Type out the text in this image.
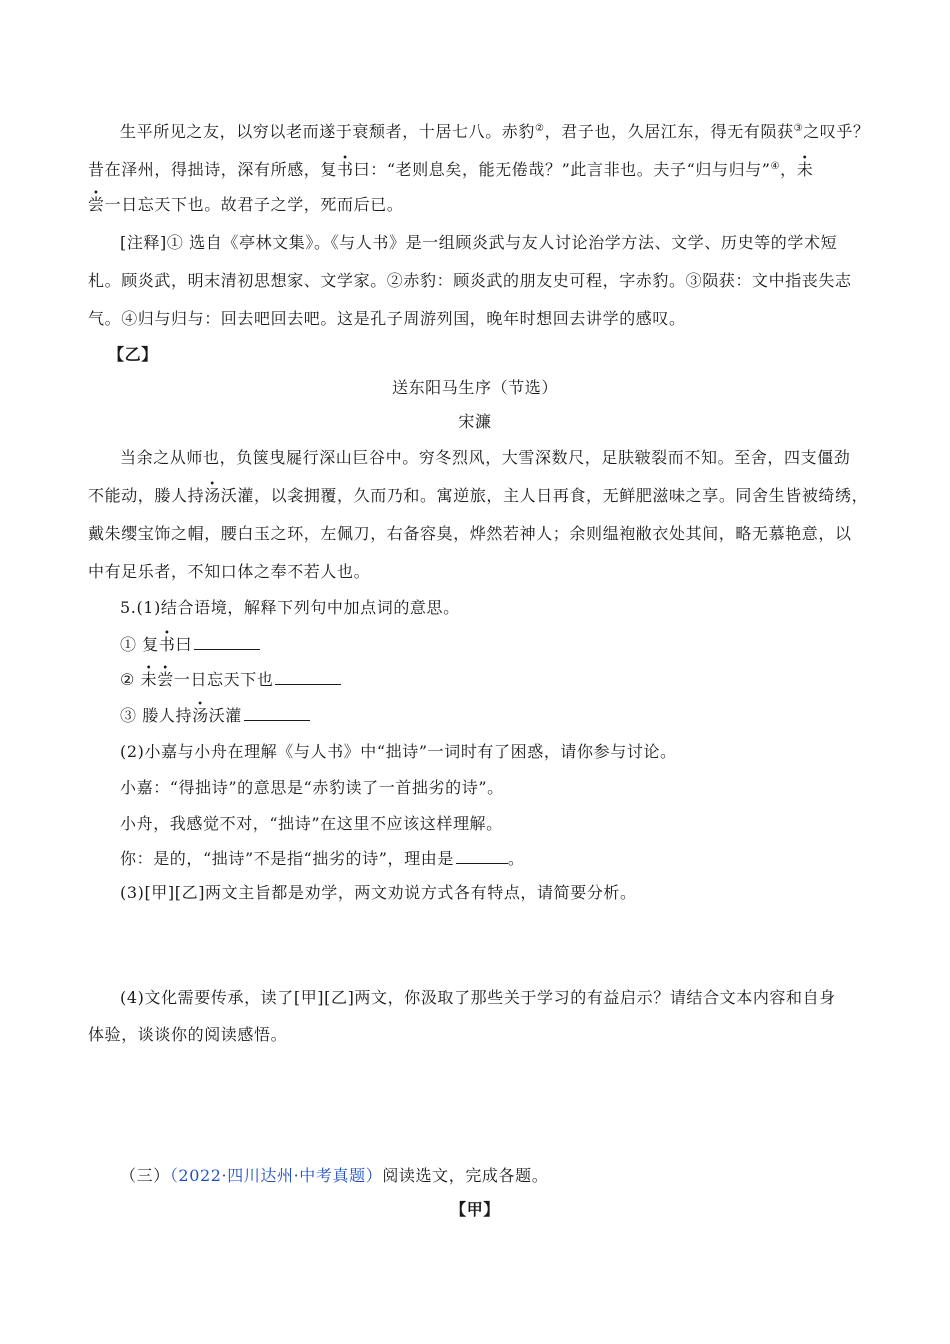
生平所见之友，以穷以老而遂于衰颓者，十居七八。赤豹②，君子也，久居江东，得无有陨获③之叹乎？
昔在泽州，得拙诗，深有所感，复书曰：“老则息矣，能无倦哉？”此言非也。夫子“归与归与”④，未
尝一日忘天下也。故君子之学，死而后已。
[注释]① 选自《亭林文集》。《与人书》是一组顾炎武与友人讨论治学方法、文学、历史等的学术短
札。顾炎武，明末清初思想家、文学家。②赤豹：顾炎武的朋友史可程，字赤豹。③陨获：文中指丧失志
气。④归与归与：回去吧回去吧。这是孔子周游列国，晚年时想回去讲学的感叹。
【乙】
送东阳马生序（节选）
宋濂
当余之从师也，负箧曳屣行深山巨谷中。穷冬烈风，大雪深数尺，足肤皲裂而不知。至舍，四支僵劲
不能动，媵人持汤沃灌，以衾拥覆，久而乃和。寓逆旅，主人日再食，无鲜肥滋味之享。同舍生皆被绮绣，
戴朱缨宝饰之帽，腰白玉之环，左佩刀，右备容臭，烨然若神人；余则缊袍敝衣处其间，略无慕艳意，以
中有足乐者，不知口体之奉不若人也。
5.(1)结合语境，解释下列句中加点词的意思。
① 复书曰
② 未尝一日忘天下也
③ 媵人持汤沃灌
(2)小嘉与小舟在理解《与人书》中“拙诗”一词时有了困惑，请你参与讨论。
小嘉：“得拙诗”的意思是“赤豹读了一首拙劣的诗”。
小舟，我感觉不对，“拙诗”在这里不应该这样理解。
你：是的，“拙诗”不是指“拙劣的诗”，理由是	。
(3)[甲][乙]两文主旨都是劝学，两文劝说方式各有特点，请简要分析。
(4)文化需要传承，读了[甲][乙]两文，你汲取了那些关于学习的有益启示？请结合文本内容和自身
体验，谈谈你的阅读感悟。
（三）（2022·四川达州·中考真题）阅读选文，完成各题。
【甲】
